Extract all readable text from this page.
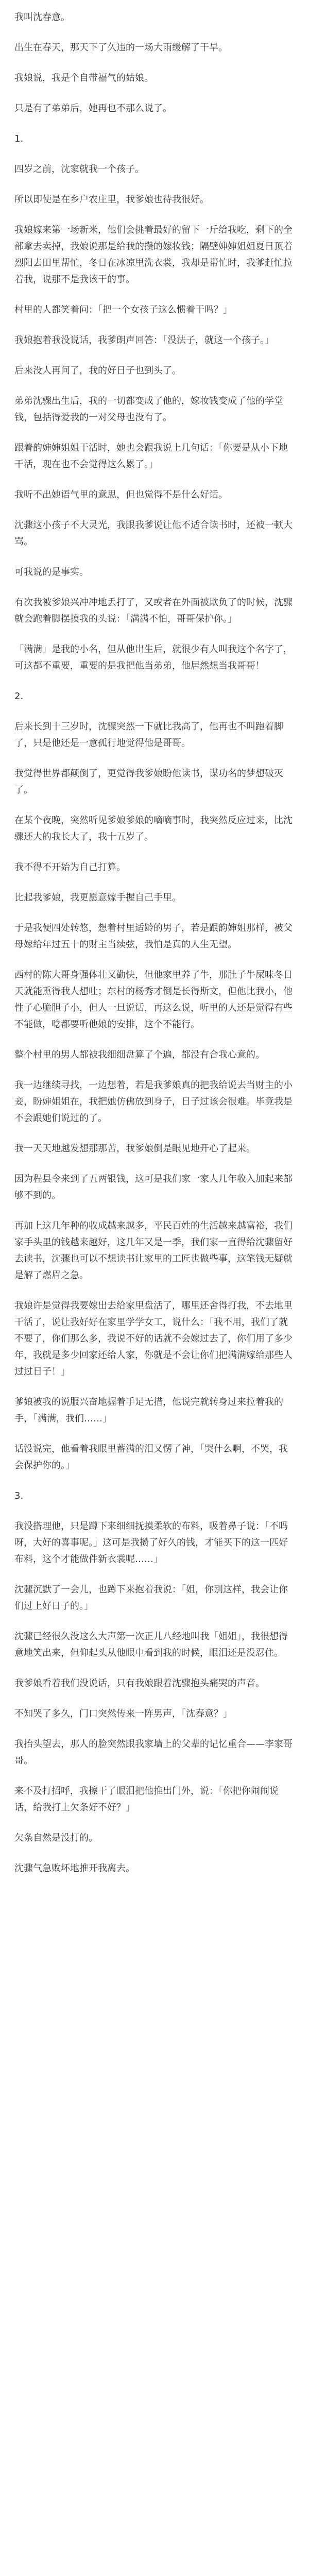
我叫沈春意。

出生在春天，那天下了久违的一场大雨缓解了干旱。

我娘说，我是个自带福气的姑娘。

只是有了弟弟后，她再也不那么说了。

1.

四岁之前，沈家就我一个孩子。

所以即使是在乡户农庄里，我爹娘也待我很好。

我娘嫁来第一场新米，他们会挑着最好的留下一斤给我吃，剩下的全部拿去卖掉，我娘说那是给我的攒的嫁妆钱；隔壁婶婶姐姐夏日顶着烈阳去田里帮忙，冬日在冰凉里洗衣裳，我却是帮忙时，我爹赶忙拉着我，说那不是我该干的事。

村里的人都笑着问：「把一个女孩子这么惯着干吗？」

我娘抱着我没说话，我爹朗声回答：「没法子，就这一个孩子。」

后来没人再问了，我的好日子也到头了。

弟弟沈骤出生后，我的一切都变成了他的，嫁妆钱变成了他的学堂钱，包括得爱我的一对父母也没有了。

跟着韵婶婶姐姐干活时，她也会跟我说上几句话：「你要是从小下地干活，现在也不会觉得这么累了。」

我听不出她语气里的意思，但也觉得不是什么好话。

沈骤这小孩子不大灵光，我跟我爹说让他不适合读书时，还被一顿大骂。

可我说的是事实。

有次我被爹娘兴冲冲地丢打了，又或者在外面被欺负了的时候，沈骤就会跑着脚摆摸我的头说：「满满不怕，哥哥保护你。」

「满满」是我的小名，但从他出生后，就很少有人叫我这个名字了，可这都不重要，重要的是我把他当弟弟，他居然想当我哥哥！

2.

后来长到十三岁时，沈骤突然一下就比我高了，他再也不叫跑着脚了，只是他还是一意孤行地觉得他是哥哥。

我觉得世界都颠倒了，更觉得我爹娘盼他读书，谋功名的梦想破灭了。

在某个夜晚，突然听见爹娘爹娘的嘀嘀事时，我突然反应过来，比沈骤还大的我长大了，我十五岁了。

我不得不开始为自己打算。

比起我爹娘，我更愿意嫁手握自己手里。

于是我便四处转悠，想着村里适龄的男子，若是跟韵婶姐那样，被父母嫁给年过五十的财主当续弦，我怕是真的人生无望。

西村的陈大哥身强体壮又勤快，但他家里养了牛，那肚子牛屎味冬日天就能熏得我人想吐；东村的杨秀才倒是长得斯文，但他比我小，他性子心脆胆子小，但人一旦说话，再这么说，听里的人还是觉得有些不能做，唸都要听他娘的安排，这个不能行。

整个村里的男人都被我细细盘算了个遍，都没有合我心意的。

我一边继续寻找，一边想着，若是我爹娘真的把我给说去当财主的小妾，盼婶姐姐在，我把她仿佛放到身子，日子过该会很难。毕竟我是不会跟她们说过的了。

我一天天地越发想那那苦，我爹娘倒是眼见地开心了起来。

因为程县令来到了五两银钱，这可是我们家一家人几年收入加起来都够不到的。

再加上这几年种的收成越来越多，平民百姓的生活越来越富裕，我们家手头里的钱越来越好，这几年又是一季，我们家一直得给沈骤留好去读书，沈骤也可以不想读书让家里的工匠也做些事，这笔钱无疑就是解了燃眉之急。

我娘许是觉得我要嫁出去给家里盘活了，哪里还舍得打我，不去地里干活了，说让我好好在家里学学女工，说什么：「我不用，我们了就不要了，你们那么多，我说不好的话就不会嫁过去了，你们用了多少年，我就是多少回家还给人家，你就是不会让你们把满满嫁给那些人过过日子！」

爹娘被我的说服兴奋地握着手足无措，他说完就转身过来拉着我的手，「满满，我们……」

话没说完，他看着我眼里蓄满的泪又愣了神，「哭什么啊，不哭，我会保护你的。」

3.

我没搭理他，只是蹲下来细细抚摸柔软的布料，吸着鼻子说：「不吗呀，大好的喜事呢。」这可是我攒了好久的钱，才能买下的这一匹好布料，这个才能做件新衣裳呢……」

沈骤沉默了一会儿，也蹲下来抱着我说：「姐，你别这样，我会让你们过上好日子的。」

沈骤已经很久没这么大声第一次正儿八经地叫我「姐姐」，我很想得意地笑出来，但仰起头从他眼中看到我的时候，眼泪还是没忍住。

我爹娘看着我们没说话，只有我娘跟着沈骤抱头痛哭的声音。

不知哭了多久，门口突然传来一阵男声，「沈春意？」

我抬头望去，那人的脸突然跟我家墙上的父辈的记忆重合——李家哥哥。

来不及打招呼，我擦干了眼泪把他推出门外，说：「你把你闹闹说话，给我打上欠条好不好？」

欠条自然是没打的。

沈骤气急败坏地推开我离去。
